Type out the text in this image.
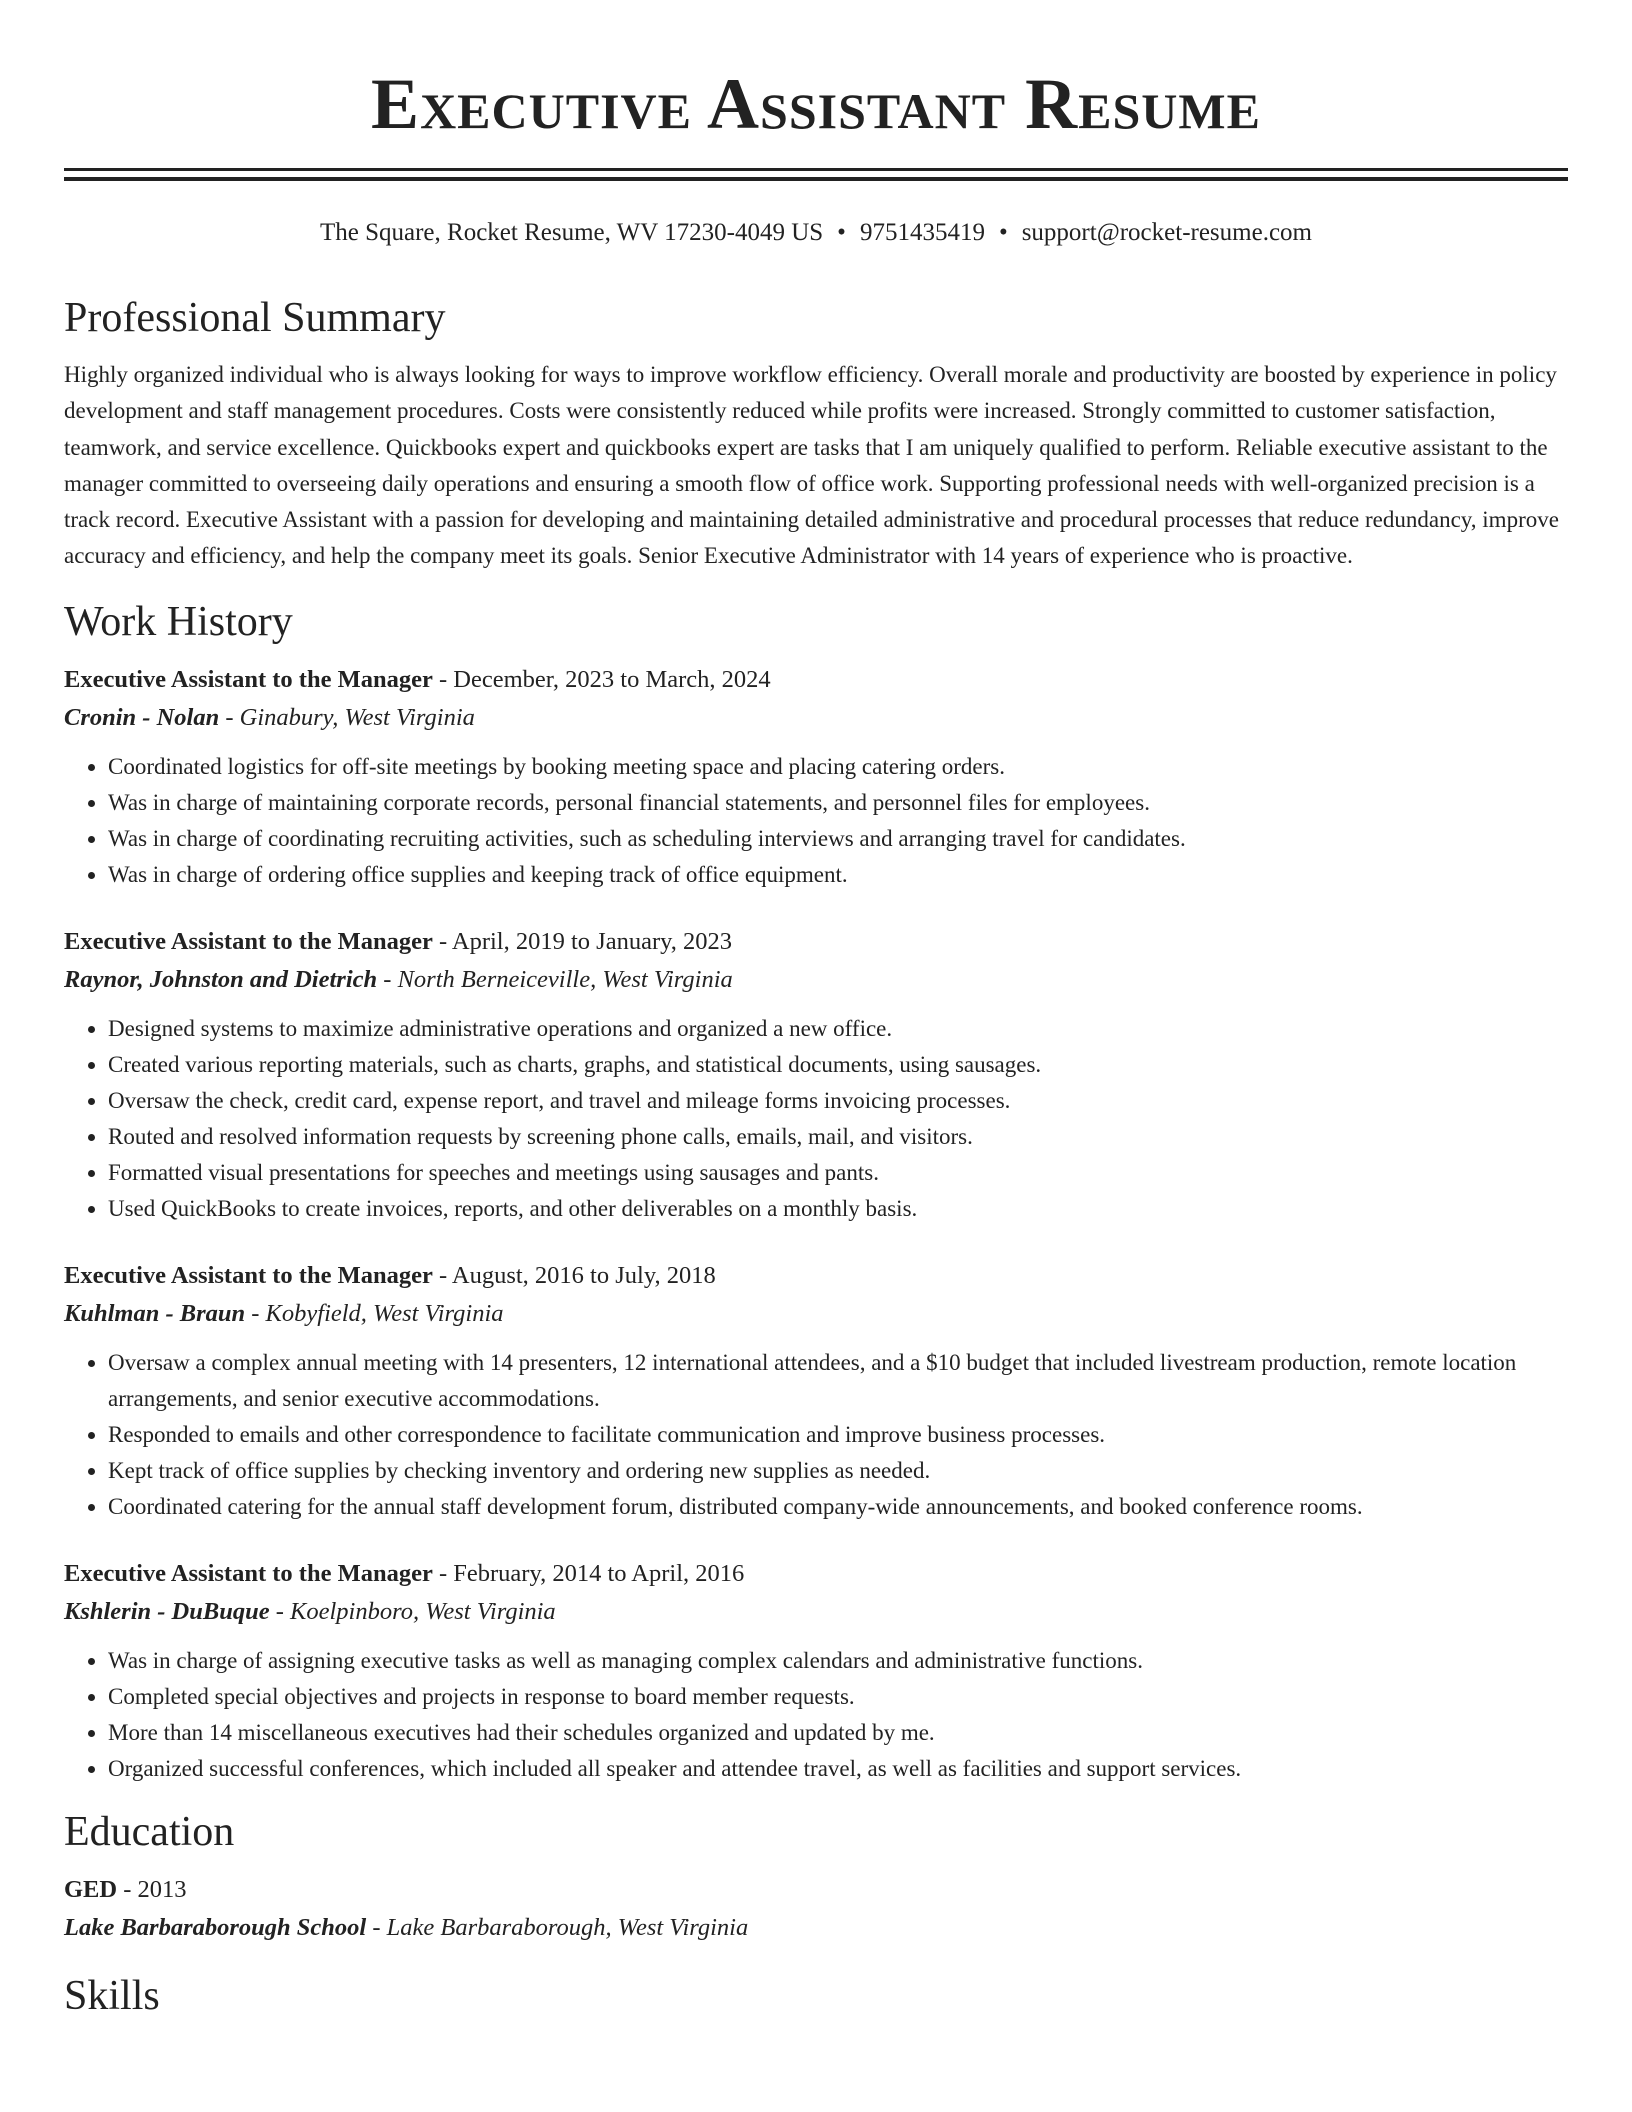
Executive Assistant Resume
The Square, Rocket Resume, WV 17230-4049 US • 9751435419 • support@rocket-resume.com
Professional Summary
Highly organized individual who is always looking for ways to improve workflow efficiency. Overall morale and productivity are boosted by experience in policy development and staff management procedures. Costs were consistently reduced while profits were increased. Strongly committed to customer satisfaction, teamwork, and service excellence. Quickbooks expert and quickbooks expert are tasks that I am uniquely qualified to perform. Reliable executive assistant to the manager committed to overseeing daily operations and ensuring a smooth flow of office work. Supporting professional needs with well-organized precision is a track record. Executive Assistant with a passion for developing and maintaining detailed administrative and procedural processes that reduce redundancy, improve accuracy and efficiency, and help the company meet its goals. Senior Executive Administrator with 14 years of experience who is proactive.
Work History
Executive Assistant to the Manager - December, 2023 to March, 2024
Cronin - Nolan - Ginabury, West Virginia
• Coordinated logistics for off-site meetings by booking meeting space and placing catering orders.
• Was in charge of maintaining corporate records, personal financial statements, and personnel files for employees.
• Was in charge of coordinating recruiting activities, such as scheduling interviews and arranging travel for candidates.
• Was in charge of ordering office supplies and keeping track of office equipment.
Executive Assistant to the Manager - April, 2019 to January, 2023
Raynor, Johnston and Dietrich - North Berneiceville, West Virginia
• Designed systems to maximize administrative operations and organized a new office.
• Created various reporting materials, such as charts, graphs, and statistical documents, using sausages.
• Oversaw the check, credit card, expense report, and travel and mileage forms invoicing processes.
• Routed and resolved information requests by screening phone calls, emails, mail, and visitors.
• Formatted visual presentations for speeches and meetings using sausages and pants.
• Used QuickBooks to create invoices, reports, and other deliverables on a monthly basis.
Executive Assistant to the Manager - August, 2016 to July, 2018
Kuhlman - Braun - Kobyfield, West Virginia
• Oversaw a complex annual meeting with 14 presenters, 12 international attendees, and a $10 budget that included livestream production, remote location arrangements, and senior executive accommodations.
• Responded to emails and other correspondence to facilitate communication and improve business processes.
• Kept track of office supplies by checking inventory and ordering new supplies as needed.
• Coordinated catering for the annual staff development forum, distributed company-wide announcements, and booked conference rooms.
Executive Assistant to the Manager - February, 2014 to April, 2016
Kshlerin - DuBuque - Koelpinboro, West Virginia
• Was in charge of assigning executive tasks as well as managing complex calendars and administrative functions.
• Completed special objectives and projects in response to board member requests.
• More than 14 miscellaneous executives had their schedules organized and updated by me.
• Organized successful conferences, which included all speaker and attendee travel, as well as facilities and support services.
Education
GED - 2013
Lake Barbaraborough School - Lake Barbaraborough, West Virginia
Skills
